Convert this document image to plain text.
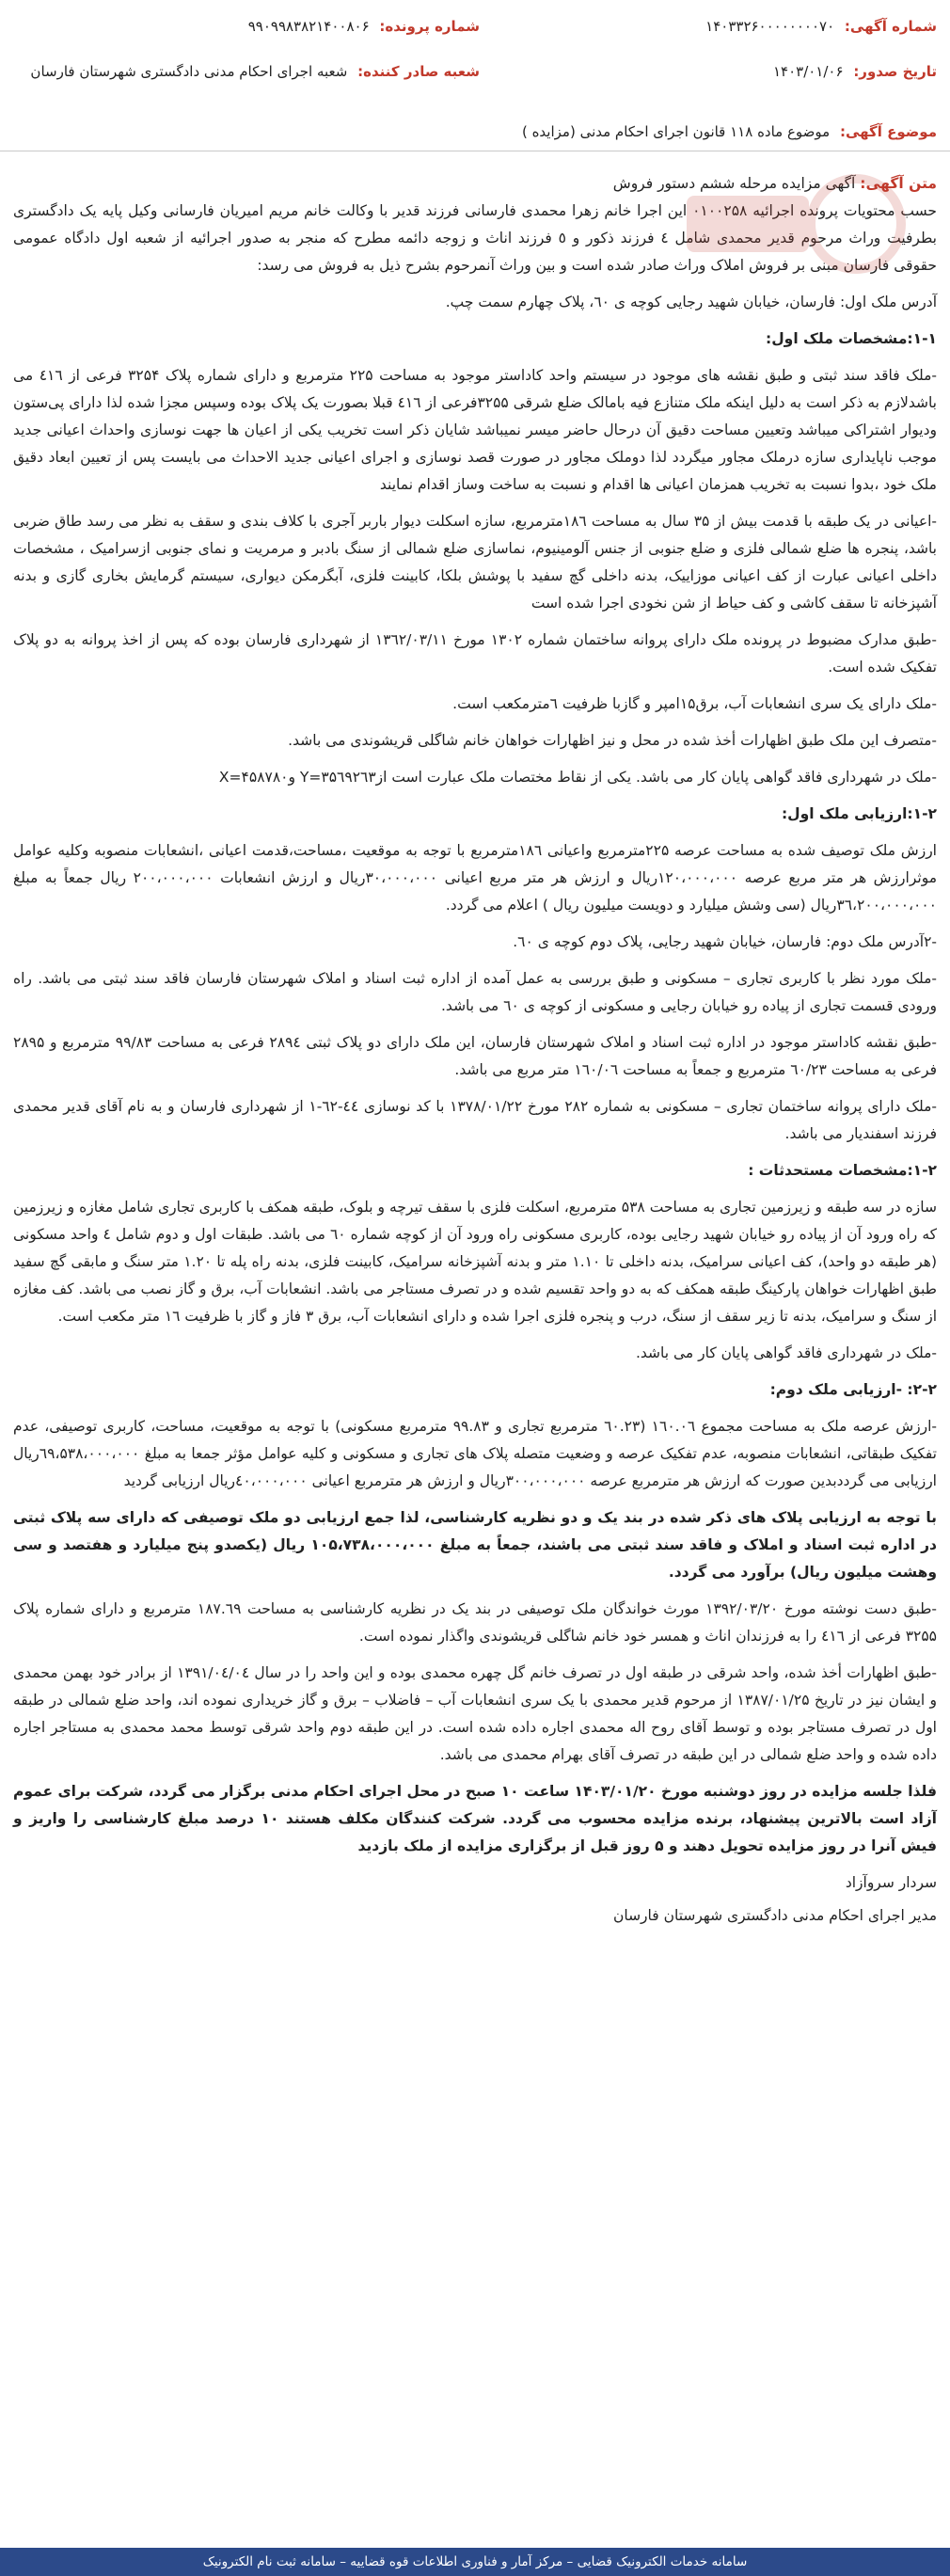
شماره آگهی: ۱۴۰۳۳۲۶۰۰۰۰۰۰۰۰۷۰
شماره پرونده: ۹۹۰۹۹۸۳۸۲۱۴۰۰۸۰۶
تاریخ صدور: ۱۴۰۳/۰۱/۰۶
شعبه صادر کننده: شعبه اجرای احکام مدنی دادگستری شهرستان فارسان
موضوع آگهی: موضوع ماده ۱۱۸ قانون اجرای احکام مدنی (مزایده )
متن آگهی: آگهی مزایده مرحله ششم دستور فروش

حسب محتویات پرونده اجرائیه ۰۱۰۰۲۵۸ این اجرا خانم زهرا محمدی فارسانی فرزند قدیر با وکالت خانم مریم امیریان فارسانی وکیل پایه یک دادگستری بطرفیت وراث مرحوم قدیر محمدی شامل ٤ فرزند ذکور و ٥ فرزند اناث و زوجه دائمه مطرح که منجر به صدور اجرائیه از شعبه اول دادگاه عمومی حقوقی فارسان مبنی بر فروش املاک وراث صادر شده است و بین وراث آنمرحوم بشرح ذیل به فروش می رسد:

آدرس ملک اول: فارسان، خیابان شهید رجایی کوچه ی ٦۰، پلاک چهارم سمت چپ.

١-١:مشخصات ملک اول:

-ملک فاقد سند ثبتی و طبق نقشه های موجود در سیستم واحد کاداستر موجود به مساحت ۲۲۵ مترمربع و دارای شماره پلاک ۳۲۵۴ فرعی از ٤١٦ می باشدلازم به ذکر است به دلیل اینکه ملک متنازع فیه بامالک ضلع شرقی ۳۲۵۵فرعی از ٤١٦ قبلا بصورت یک پلاک بوده وسپس مجزا شده لذا دارای پی‌ستون ودیوار اشتراکی میباشد وتعیین مساحت دقیق آن درحال حاضر میسر نمیباشد شایان ذکر است تخریب یکی از اعیان ها جهت نوسازی واحداث اعیانی جدید موجب ناپایداری سازه درملک مجاور میگردد لذا دوملک مجاور در صورت قصد نوسازی و اجرای اعیانی جدید الاحداث می بایست پس از تعیین ابعاد دقیق ملک خود ،بدوا نسبت به تخریب همزمان اعیانی ها اقدام و نسبت به ساخت وساز اقدام نمایند

-اعیانی در یک طبقه با قدمت بیش از ۳۵ سال به مساحت ۱۸٦مترمربع، سازه اسکلت دیوار باربر آجری با کلاف بندی و سقف به نظر می رسد طاق ضربی باشد، پنجره ها ضلع شمالی فلزی و ضلع جنوبی از جنس آلومینیوم، نماسازی ضلع شمالی از سنگ بادبر و مرمریت و نمای جنوبی ازسرامیک ، مشخصات داخلی اعیانی عبارت از کف اعیانی موزاییک، بدنه داخلی گچ سفید با پوشش بلکا، کابینت فلزی، آبگرمکن دیواری، سیستم گرمایش بخاری گازی و بدنه آشپزخانه تا سقف کاشی و کف حیاط از شن نخودی اجرا شده است

-طبق مدارک مضبوط در پرونده ملک دارای پروانه ساختمان شماره ۱۳۰۲ مورخ ۱۳٦۲/۰۳/۱۱ از شهرداری فارسان بوده که پس از اخذ پروانه به دو پلاک تفکیک شده است.

-ملک دارای یک سری انشعابات آب، برق۱۵امپر و گازبا ظرفیت ٦مترمکعب است.

-متصرف این ملک طبق اظهارات أخذ شده در محل و نیز اظهارات خواهان خانم شاگلی قریشوندی می باشد.

-ملک در شهرداری فاقد گواهی پایان کار می باشد. یکی از نقاط مختصات ملک عبارت است از۳۵٦۹۲٦۳=Y و۴۵۸۷۸۰=X

٢-١:ارزیابی ملک اول:

ارزش ملک توصیف شده به مساحت عرصه ۲۲۵مترمربع واعیانی ۱۸٦مترمربع با توجه به موقعیت ،مساحت،قدمت اعیانی ،انشعابات منصوبه وکلیه عوامل موثرارزش هر متر مربع عرصه ۱۲۰،۰۰۰،۰۰۰ریال و ارزش هر متر مربع اعیانی ۳۰،۰۰۰،۰۰۰ریال و ارزش انشعابات ۲۰۰،۰۰۰،۰۰۰ ریال جمعاً به مبلغ ۳٦،۲۰۰،۰۰۰،۰۰۰ریال (سی وشش میلیارد و دویست میلیون ریال ) اعلام می گردد.

-۲آدرس ملک دوم: فارسان، خیابان شهید رجایی، پلاک دوم کوچه ی ٦۰.

-ملک مورد نظر با کاربری تجاری – مسکونی و طبق بررسی به عمل آمده از اداره ثبت اسناد و املاک شهرستان فارسان فاقد سند ثبتی می باشد. راه ورودی قسمت تجاری از پیاده رو خیابان رجایی و مسکونی از کوچه ی ٦۰ می باشد.

-طبق نقشه کاداستر موجود در اداره ثبت اسناد و املاک شهرستان فارسان، این ملک دارای دو پلاک ثبتی ۲۸۹٤ فرعی به مساحت ۹۹/۸۳ مترمربع و ۲۸۹۵ فرعی به مساحت ٦۰/۲۳ مترمربع و جمعاً به مساحت ۱٦۰/۰٦ متر مربع می باشد.

-ملک دارای پروانه ساختمان تجاری – مسکونی به شماره ۲۸۲ مورخ ۱۳۷۸/۰۱/۲۲ با کد نوسازی ٤٤-٦۲-۱ از شهرداری فارسان و به نام آقای قدیر محمدی فرزند اسفندیار می باشد.

۱-۲:مشخصات مستحدثات :

سازه در سه طبقه و زیرزمین تجاری به مساحت ۵۳۸ مترمربع، اسکلت فلزی با سقف تیرچه و بلوک، طبقه همکف با کاربری تجاری شامل مغازه و زیرزمین که راه ورود آن از پیاده رو خیابان شهید رجایی بوده، کاربری مسکونی راه ورود آن از کوچه شماره ٦۰ می باشد. طبقات اول و دوم شامل ٤ واحد مسکونی (هر طبقه دو واحد)، کف اعیانی سرامیک، بدنه داخلی تا ۱.۱۰ متر و بدنه آشپزخانه سرامیک، کابینت فلزی، بدنه راه پله تا ۱.۲۰ متر سنگ و مابقی گچ سفید طبق اظهارات خواهان پارکینگ طبقه همکف که به دو واحد تقسیم شده و در تصرف مستاجر می باشد. انشعابات آب، برق و گاز نصب می باشد. کف مغازه از سنگ و سرامیک، بدنه تا زیر سقف از سنگ، درب و پنجره فلزی اجرا شده و دارای انشعابات آب، برق ۳ فاز و گاز با ظرفیت ۱٦ متر مکعب است.

-ملک در شهرداری فاقد گواهی پایان کار می باشد.

۲-۲: -ارزیابی ملک دوم:

-ارزش عرصه ملک به مساحت مجموع ۱٦۰.۰٦ (٦۰.۲۳ مترمربع تجاری و ۹۹.۸۳ مترمربع مسکونی) با توجه به موقعیت، مساحت، کاربری توصیفی، عدم تفکیک طبقاتی، انشعابات منصوبه، عدم تفکیک عرصه و وضعیت متصله پلاک های تجاری و مسکونی و کلیه عوامل مؤثر جمعا به مبلغ ٦۹،۵۳۸،۰۰۰،۰۰۰ریال ارزیابی می گرددبدین صورت که ارزش هر مترمربع عرصه ۳۰۰،۰۰۰،۰۰۰ریال و ارزش هر مترمربع اعیانی ٤۰،۰۰۰،۰۰۰ریال ارزیابی گردید

با توجه به ارزیابی پلاک های ذکر شده در بند یک و دو نظریه کارشناسی، لذا جمع ارزیابی دو ملک توصیفی که دارای سه پلاک ثبتی در اداره ثبت اسناد و املاک و فاقد سند ثبتی می باشند، جمعاً به مبلغ ۱۰۵،۷۳۸،۰۰۰،۰۰۰ ریال (یکصدو پنج میلیارد و هفتصد و سی وهشت میلیون ریال) برآورد می گردد.

-طبق دست نوشته مورخ ۱۳۹۲/۰۳/۲۰ مورث خواندگان ملک توصیفی در بند یک در نظریه کارشناسی به مساحت ۱۸۷.٦۹ مترمربع و دارای شماره پلاک ۳۲۵۵ فرعی از ٤١٦ را به فرزندان اناث و همسر خود خانم شاگلی قریشوندی واگذار نموده است.

-طبق اظهارات أخذ شده، واحد شرقی در طبقه اول در تصرف خانم گل چهره محمدی بوده و این واحد را در سال ۱۳۹۱/۰٤/۰٤ از برادر خود بهمن محمدی و ایشان نیز در تاریخ ۱۳۸۷/۰۱/۲۵ از مرحوم قدیر محمدی با یک سری انشعابات آب – فاضلاب – برق و گاز خریداری نموده اند، واحد ضلع شمالی در طبقه اول در تصرف مستاجر بوده و توسط آقای روح اله محمدی اجاره داده شده است. در این طبقه دوم واحد شرقی توسط محمد محمدی به مستاجر اجاره داده شده و واحد ضلع شمالی در این طبقه در تصرف آقای بهرام محمدی می باشد.

فلذا جلسه مزایده در روز دوشنبه مورخ ۱۴۰۳/۰۱/۲۰ ساعت ۱۰ صبح در محل اجرای احکام مدنی برگزار می گردد، شرکت برای عموم آزاد است بالاترین پیشنهاد، برنده مزایده محسوب می گردد. شرکت کنندگان مکلف هستند ۱۰ درصد مبلغ کارشناسی را واریز و فیش آنرا در روز مزایده تحویل دهند و ۵ روز قبل از برگزاری مزایده از ملک بازدید

سردار سروآزاد
مدیر اجرای احکام مدنی دادگستری شهرستان فارسان
سامانه خدمات الکترونیک قضایی – مرکز آمار و فناوری اطلاعات قوه قضاییه – سامانه ثبت نام الکترونیک
